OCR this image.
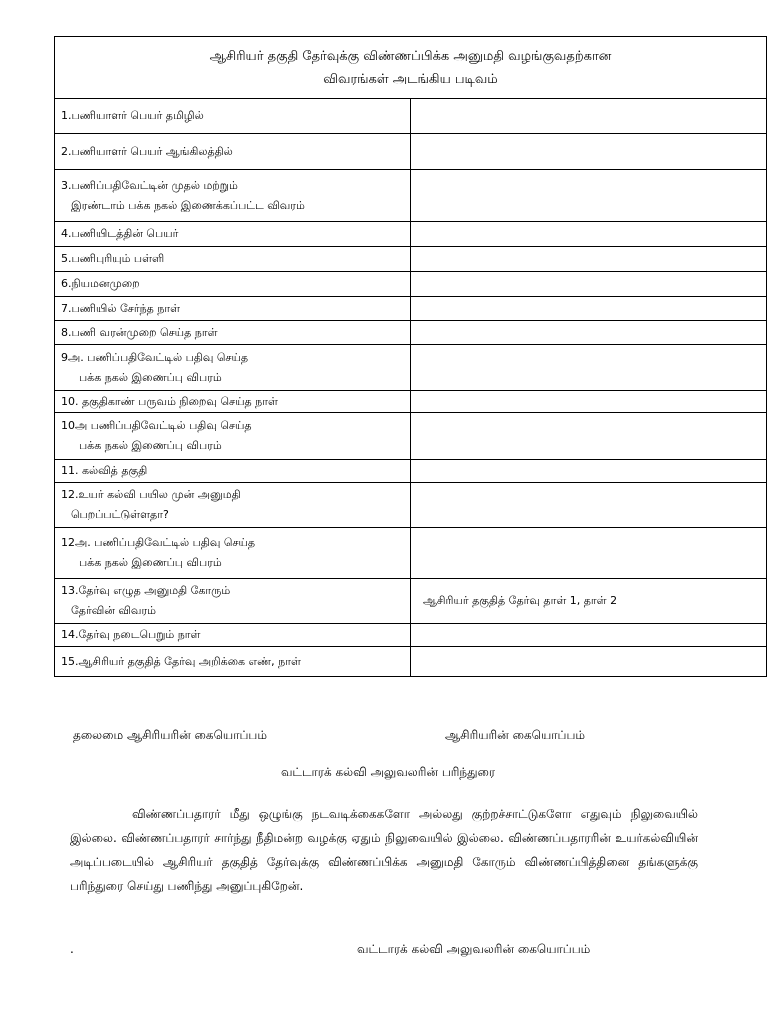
ஆசிரியர் தகுதி தேர்வுக்கு விண்ணப்பிக்க அனுமதி வழங்குவதற்கான
விவரங்கள் அடங்கிய படிவம்	

1.பணியாளர் பெயர் தமிழில்	

2.பணியாளர் பெயர் ஆங்கிலத்தில்	

3.பணிப்பதிவேட்டின் முதல் மற்றும்
இரண்டாம் பக்க நகல் இணைக்கப்பட்ட விவரம்	

4.பணியிடத்தின் பெயர்	

5.பணிபுரியும் பள்ளி	

6.நியமனமுறை	

7.பணியில் சேர்ந்த நாள்	

8.பணி வரன்முறை செய்த நாள்	

9அ. பணிப்பதிவேட்டில் பதிவு செய்த
பக்க நகல் இணைப்பு விபரம்	

10. தகுதிகாண் பருவம் நிறைவு செய்த நாள்	

10அ பணிப்பதிவேட்டில் பதிவு செய்த
பக்க நகல் இணைப்பு விபரம்	

11. கல்வித் தகுதி	

12.உயர் கல்வி பயில முன் அனுமதி
பெறப்பட்டுள்ளதா?	

12அ. பணிப்பதிவேட்டில் பதிவு செய்த
பக்க நகல் இணைப்பு விபரம்	

13.தேர்வு எழுத அனுமதி கோரும்
தேர்வின் விவரம்	ஆசிரியர் தகுதித் தேர்வு தாள் 1, தாள் 2

14.தேர்வு நடைபெறும் நாள்	

15.ஆசிரியர் தகுதித் தேர்வு அறிக்கை எண், நாள்	

தலைமை ஆசிரியரின் கையொப்பம்	ஆசிரியரின் கையொப்பம்
வட்டாரக் கல்வி அலுவலரின் பரிந்துரை
விண்ணப்பதாரர் மீது ஒழுங்கு நடவடிக்கைகளோ அல்லது குற்றச்சாட்டுகளோ எதுவும் நிலுவையில் இல்லை. விண்ணப்பதாரர் சார்ந்து நீதிமன்ற வழக்கு ஏதும் நிலுவையில் இல்லை. விண்ணப்பதாரரின் உயர்கல்வியின் அடிப்படையில் ஆசிரியர் தகுதித் தேர்வுக்கு விண்ணப்பிக்க அனுமதி கோரும் விண்ணப்பித்தினை தங்களுக்கு பரிந்துரை செய்து பணிந்து அனுப்புகிறேன்.
.	வட்டாரக் கல்வி அலுவலரின் கையொப்பம்
